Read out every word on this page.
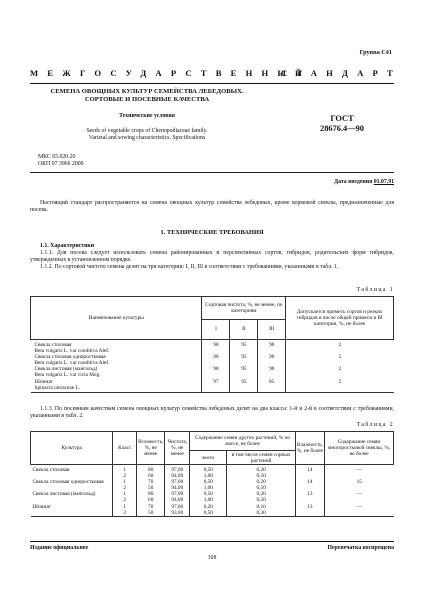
Группа С41
МЕЖГОСУДАРСТВЕННЫЙ
СТАНДАРТ
СЕМЕНА ОВОЩНЫХ КУЛЬТУР СЕМЕЙСТВА ЛЕБЕДОВЫХ.
СОРТОВЫЕ И ПОСЕВНЫЕ КАЧЕСТВА
Технические условия
Seeds of vegetable crops of Chenopodiaceae family.
Varietal and sowing characteristics. Specifications
ГОСТ
28676.4—90
МКС 65.020.20
ОКП 97 3966 2000
Дата введения 01.07.91

Настоящий стандарт распространяется на семена овощных культур семейства лебедовых, кроме кормовой свеклы, предназначенные для посева.

1. ТЕХНИЧЕСКИЕ ТРЕБОВАНИЯ

1.1. Характеристики

1.1.1. Для посева следует использовать семена районированных и перспективных сортов, гибридов, родительских форм гибридов, утвержденных в установленном порядке.

1.1.2. По сортовой чистоте семена делят на три категории: I, II, III в соответствии с требованиями, указанными в табл. 1.

Таблица 1
Наименование культуры	Сортовая чистота, %, не менее, по категориям			Допускается примесь сортов и резких гибридов в числе общей примеси в III категории, %, не более
	I	II	III	

Свекла столовая
Beta vulgaris L. var conditiva Alef.	98	95	90	2

Свекла столовая одноростковая
Beta vulgaris L. var conditiva Alef.	98	95	90	5

Свекла листовая (мангольд)
Beta vulgaris L. var cicla Mog.	98	95	90	2

Шпинат
Spinacia oleraceae L.	97	95	85	2

1.1.3. По посевным качествам семена овощных культур семейства лебедовых делят на два класса: 1-й и 2-й в соответствии с требованиями, указанными в табл. 2.

Таблица 2
Культура	Класс	Всхожесть, %, не менее	Чистота, %, не менее	Содержание семян других растений, % по массе, не более		Влажность, %, не более	Содержание семян многоростковой свеклы, %, не более
				всего	в том числе семян сорных растений		
Свекла столовая	1	80	97,00	0,50	0,20	14	—
	2	60	94,00	1,00	0,50		
Свекла столовая одноростковая	1	70	97,00	0,50	0,20	14	15
	2	50	94,00	1,00	0,50		
Свекла листовая (мангольд)	1	80	97,00	0,50	0,20	13	—
	2	60	94,00	1,00	0,50		
Шпинат	1	70	97,00	0,20	0,10	13	—
	2	50	93,00	0,50	0,30		
Издание официальное	Перепечатка воспрещена
108
